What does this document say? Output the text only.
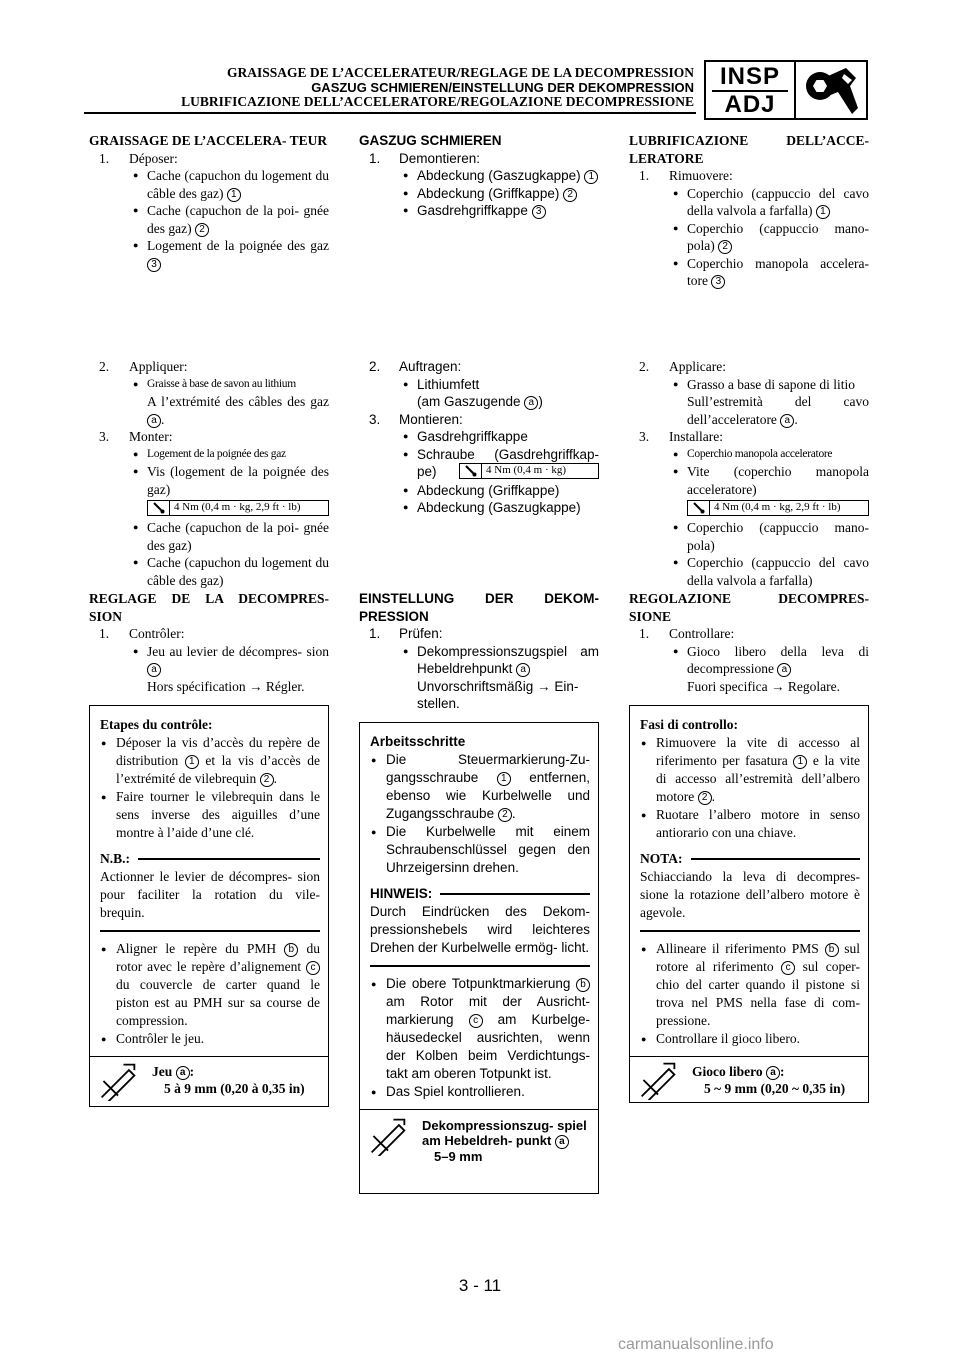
GRAISSAGE DE L’ACCELERATEUR/REGLAGE DE LA DECOMPRESSION
GASZUG SCHMIEREN/EINSTELLUNG DER DEKOMPRESSION
LUBRIFICAZIONE DELL’ACCELERATORE/REGOLAZIONE DECOMPRESSIONE
INSP
ADJ
GRAISSAGE DE L’ACCELERA- TEUR
1. Déposer:
● Cache (capuchon du logement du câble des gaz) 1
● Cache (capuchon de la poi- gnée des gaz) 2
● Logement de la poignée des gaz 3
2. Appliquer:
● Graisse à base de savon au lithium
A l’extrémité des câbles des gaz a .
3. Monter:
● Logement de la poignée des gaz
● Vis (logement de la poignée des gaz)
4 Nm (0,4 m · kg, 2,9 ft · lb)
● Cache (capuchon de la poi- gnée des gaz)
● Cache (capuchon du logement du câble des gaz)
REGLAGE DE LA DECOMPRES- SION
1. Contrôler:
● Jeu au levier de décompres- sion a
Hors spécification → Régler.
Etapes du contrôle:
● Déposer la vis d’accès du repère de distribution 1 et la vis d’accès de l’extrémité de vilebrequin 2 .
● Faire tourner le vilebrequin dans le sens inverse des aiguilles d’une montre à l’aide d’une clé.
N.B.:
Actionner le levier de décompres- sion pour faciliter la rotation du vile- brequin.
● Aligner le repère du PMH b du rotor avec le repère d’alignement c du couvercle de carter quand le piston est au PMH sur sa course de compression.
● Contrôler le jeu.
Jeu a :
5 à 9 mm (0,20 à 0,35 in)
GASZUG SCHMIEREN
1. Demontieren:
● Abdeckung (Gaszugkappe) 1
● Abdeckung (Griffkappe) 2
● Gasdrehgriffkappe 3
2. Auftragen:
● Lithiumfett
(am Gaszugende a )
3. Montieren:
● Gasdrehgriffkappe
● Schraube (Gasdrehgriffkap- pe)	4 Nm (0,4 m · kg)
● Abdeckung (Griffkappe)
● Abdeckung (Gaszugkappe)
EINSTELLUNG DER DEKOM- PRESSION
1. Prüfen:
● Dekompressionszugspiel am Hebeldrehpunkt a
Unvorschriftsmäßig → Ein- stellen.
Arbeitsschritte
● Die Steuermarkierung-Zu- gangsschraube 1 entfernen, ebenso wie Kurbelwelle und Zugangsschraube 2 .
● Die Kurbelwelle mit einem Schraubenschlüssel gegen den Uhrzeigersinn drehen.
HINWEIS:
Durch Eindrücken des Dekom- pressionshebels wird leichteres Drehen der Kurbelwelle ermög- licht.
● Die obere Totpunktmarkierung b am Rotor mit der Ausricht- markierung c am Kurbelge- häusedeckel ausrichten, wenn der Kolben beim Verdichtungs- takt am oberen Totpunkt ist.
● Das Spiel kontrollieren.
Dekompressionszug- spiel am Hebeldreh- punkt a
5–9 mm
LUBRIFICAZIONE DELL’ACCE- LERATORE
1. Rimuovere:
● Coperchio (cappuccio del cavo della valvola a farfalla) 1
● Coperchio (cappuccio mano- pola) 2
● Coperchio manopola accelera- tore 3
2. Applicare:
● Grasso a base di sapone di litio
Sull’estremità del cavo dell’acceleratore a .
3. Installare:
● Coperchio manopola acceleratore
● Vite (coperchio manopola acceleratore)
4 Nm (0,4 m · kg, 2,9 ft · lb)
● Coperchio (cappuccio mano- pola)
● Coperchio (cappuccio del cavo della valvola a farfalla)
REGOLAZIONE DECOMPRES- SIONE
1. Controllare:
● Gioco libero della leva di decompressione a
Fuori specifica → Regolare.
Fasi di controllo:
● Rimuovere la vite di accesso al riferimento per fasatura 1 e la vite di accesso all’estremità dell’albero motore 2 .
● Ruotare l’albero motore in senso antiorario con una chiave.
NOTA:
Schiacciando la leva di decompres- sione la rotazione dell’albero motore è agevole.
● Allineare il riferimento PMS b sul rotore al riferimento c sul coper- chio del carter quando il pistone si trova nel PMS nella fase di com- pressione.
● Controllare il gioco libero.
Gioco libero a :
5 ~ 9 mm (0,20 ~ 0,35 in)
3 - 11
carmanualsonline.info
